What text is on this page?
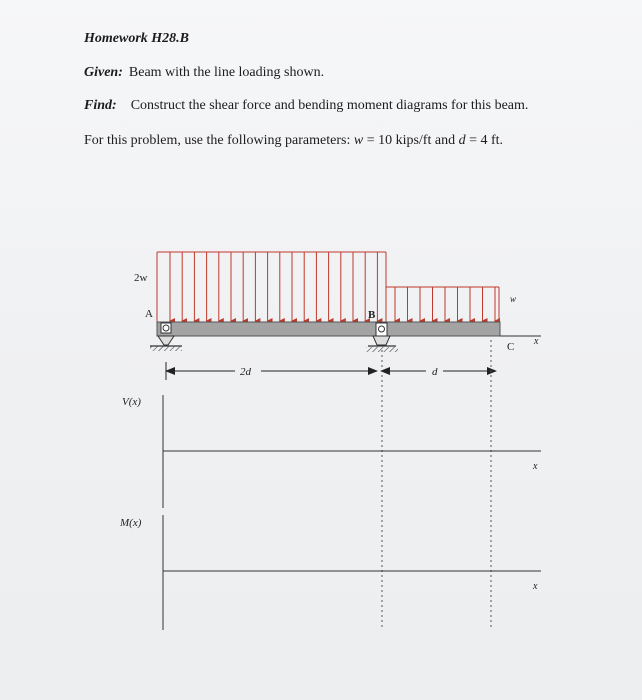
Homework H28.B
Given: Beam with the line loading shown.
Find: Construct the shear force and bending moment diagrams for this beam.
For this problem, use the following parameters: w = 10 kips/ft and d = 4 ft.
2w
w
A	B
C x
2d	d
V(x)
x
M(x)
x
